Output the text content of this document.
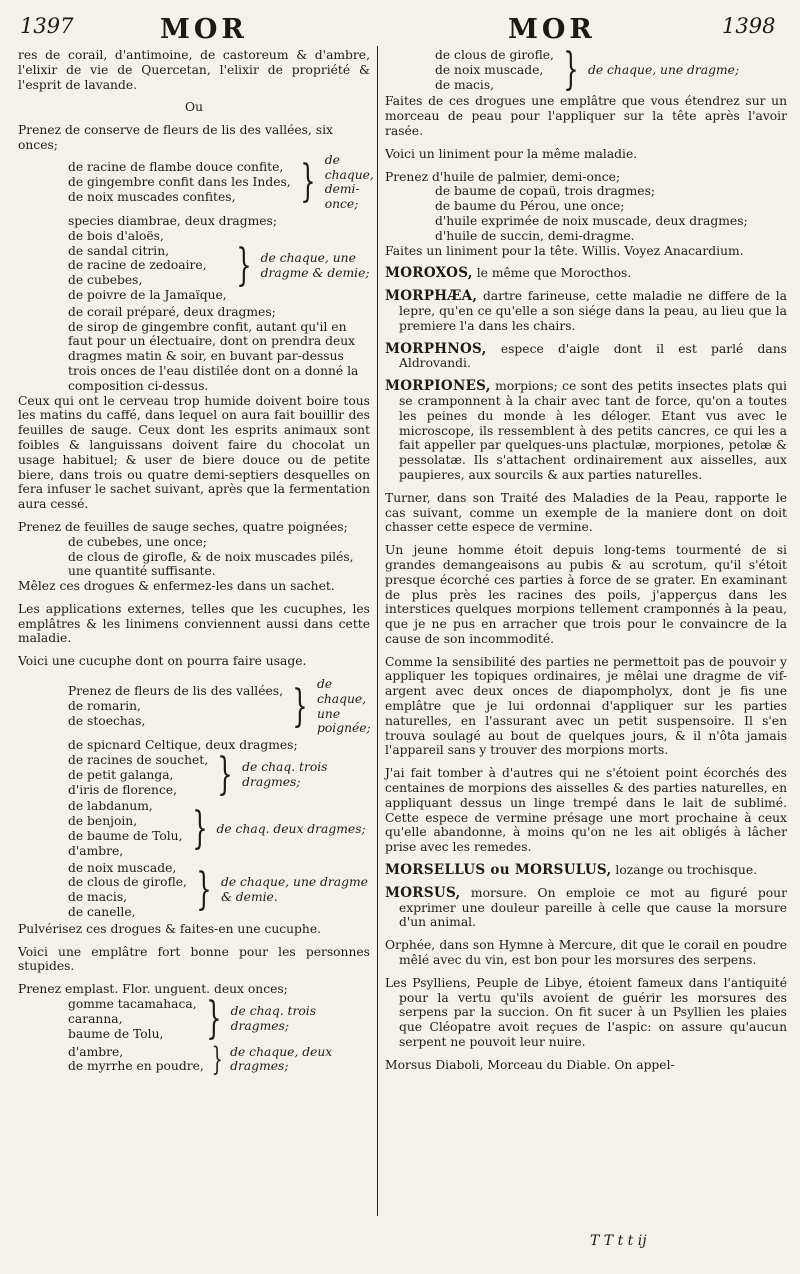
1397	MOR	MOR	1398

res de corail, d'antimoine, de castoreum & d'ambre, l'elixir de vie de Quercetan, l'elixir de propriété & l'esprit de lavande.

Ou

Prenez de conserve de fleurs de lis des vallées, six onces;

de racine de flambe douce confite,
de gingembre confit dans les Indes,
de noix muscades confites,	} de chaque, demi-once;

species diambrae, deux dragmes;

de bois d'aloës,
de sandal citrin,
de racine de zedoaire,
de cubebes,
de poivre de la Jamaïque,
} de chaque, une dragme & demie;

de corail préparé, deux dragmes;

de sirop de gingembre confit, autant qu'il en faut pour un électuaire, dont on prendra deux dragmes matin & soir, en buvant par-dessus trois onces de l'eau distilée dont on a donné la composition ci-dessus.

Ceux qui ont le cerveau trop humide doivent boire tous les matins du caffé, dans lequel on aura fait bouillir des feuilles de sauge. Ceux dont les esprits animaux sont foibles & languissans doivent faire du chocolat un usage habituel; & user de biere douce ou de petite biere, dans trois ou quatre demi-septiers desquelles on fera infuser le sachet suivant, après que la fermentation aura cessé.

Prenez de feuilles de sauge seches, quatre poignées;

de cubebes, une once;

de clous de girofle, & de noix muscades pilés, une quantité suffisante.

Mêlez ces drogues & enfermez-les dans un sachet.

Les applications externes, telles que les cucuphes, les emplâtres & les linimens conviennent aussi dans cette maladie.

Voici une cucuphe dont on pourra faire usage.

Prenez de fleurs de lis des vallées,
de romarin,
de stoechas,	} de chaque, une poignée;

de spicnard Celtique, deux dragmes;

de racines de souchet,
de petit galanga,
d'iris de florence, } de chaq. trois dragmes;
de labdanum,
de benjoin,
de baume de Tolu,
d'ambre,	} de chaq. deux dragmes;
de noix muscade,
de clous de girofle,
de macis,
de canelle,	} de chaque, une dragme & demie.

Pulvérisez ces drogues & faites-en une cucuphe.

Voici une emplâtre fort bonne pour les personnes stupides.

Prenez emplast. Flor. unguent. deux onces;

gomme tacamahaca,
caranna,
baume de Tolu, } de chaq. trois dragmes;
d'ambre,
de myrrhe en poudre, } de chaque, deux dragmes;
de clous de girofle,
de noix muscade,
de macis,	} de chaque, une dragme;

Faites de ces drogues une emplâtre que vous étendrez sur un morceau de peau pour l'appliquer sur la tête après l'avoir rasée.

Voici un liniment pour la même maladie.

Prenez d'huile de palmier, demi-once;

de baume de copaü, trois dragmes;

de baume du Pérou, une once;

d'huile exprimée de noix muscade, deux dragmes;

d'huile de succin, demi-dragme.

Faites un liniment pour la tête. Willis. Voyez Anacardium.

MOROXOS, le même que Morocthos.

MORPHÆA, dartre farineuse, cette maladie ne differe de la lepre, qu'en ce qu'elle a son siége dans la peau, au lieu que la premiere l'a dans les chairs.

MORPHNOS, espece d'aigle dont il est parlé dans Aldrovandi.

MORPIONES, morpions; ce sont des petits insectes plats qui se cramponnent à la chair avec tant de force, qu'on a toutes les peines du monde à les déloger. Etant vus avec le microscope, ils ressemblent à des petits cancres, ce qui les a fait appeller par quelques-uns plactulæ, morpiones, petolæ & pessolatæ. Ils s'attachent ordinairement aux aisselles, aux paupieres, aux sourcils & aux parties naturelles.

Turner, dans son Traité des Maladies de la Peau, rapporte le cas suivant, comme un exemple de la maniere dont on doit chasser cette espece de vermine.

Un jeune homme étoit depuis long-tems tourmenté de si grandes demangeaisons au pubis & au scrotum, qu'il s'étoit presque écorché ces parties à force de se grater. En examinant de plus près les racines des poils, j'apperçus dans les interstices quelques morpions tellement cramponnés à la peau, que je ne pus en arracher que trois pour le convaincre de la cause de son incommodité.

Comme la sensibilité des parties ne permettoit pas de pouvoir y appliquer les topiques ordinaires, je mêlai une dragme de vif-argent avec deux onces de diapompholyx, dont je fis une emplâtre que je lui ordonnai d'appliquer sur les parties naturelles, en l'assurant avec un petit suspensoire. Il s'en trouva soulagé au bout de quelques jours, & il n'ôta jamais l'appareil sans y trouver des morpions morts.

J'ai fait tomber à d'autres qui ne s'étoient point écorchés des centaines de morpions des aisselles & des parties naturelles, en appliquant dessus un linge trempé dans le lait de sublimé. Cette espece de vermine présage une mort prochaine à ceux qu'elle abandonne, à moins qu'on ne les ait obligés à lâcher prise avec les remedes.

MORSELLUS ou MORSULUS, lozange ou trochisque.

MORSUS, morsure. On emploie ce mot au figuré pour exprimer une douleur pareille à celle que cause la morsure d'un animal.

Orphée, dans son Hymne à Mercure, dit que le corail en poudre mêlé avec du vin, est bon pour les morsures des serpens.

Les Psylliens, Peuple de Libye, étoient fameux dans l'antiquité pour la vertu qu'ils avoient de guérir les morsures des serpens par la succion. On fit sucer à un Psyllien les plaies que Cléopatre avoit reçues de l'aspic: on assure qu'aucun serpent ne pouvoit leur nuire.

Morsus Diaboli, Morceau du Diable. On appel-

T T t t ij
